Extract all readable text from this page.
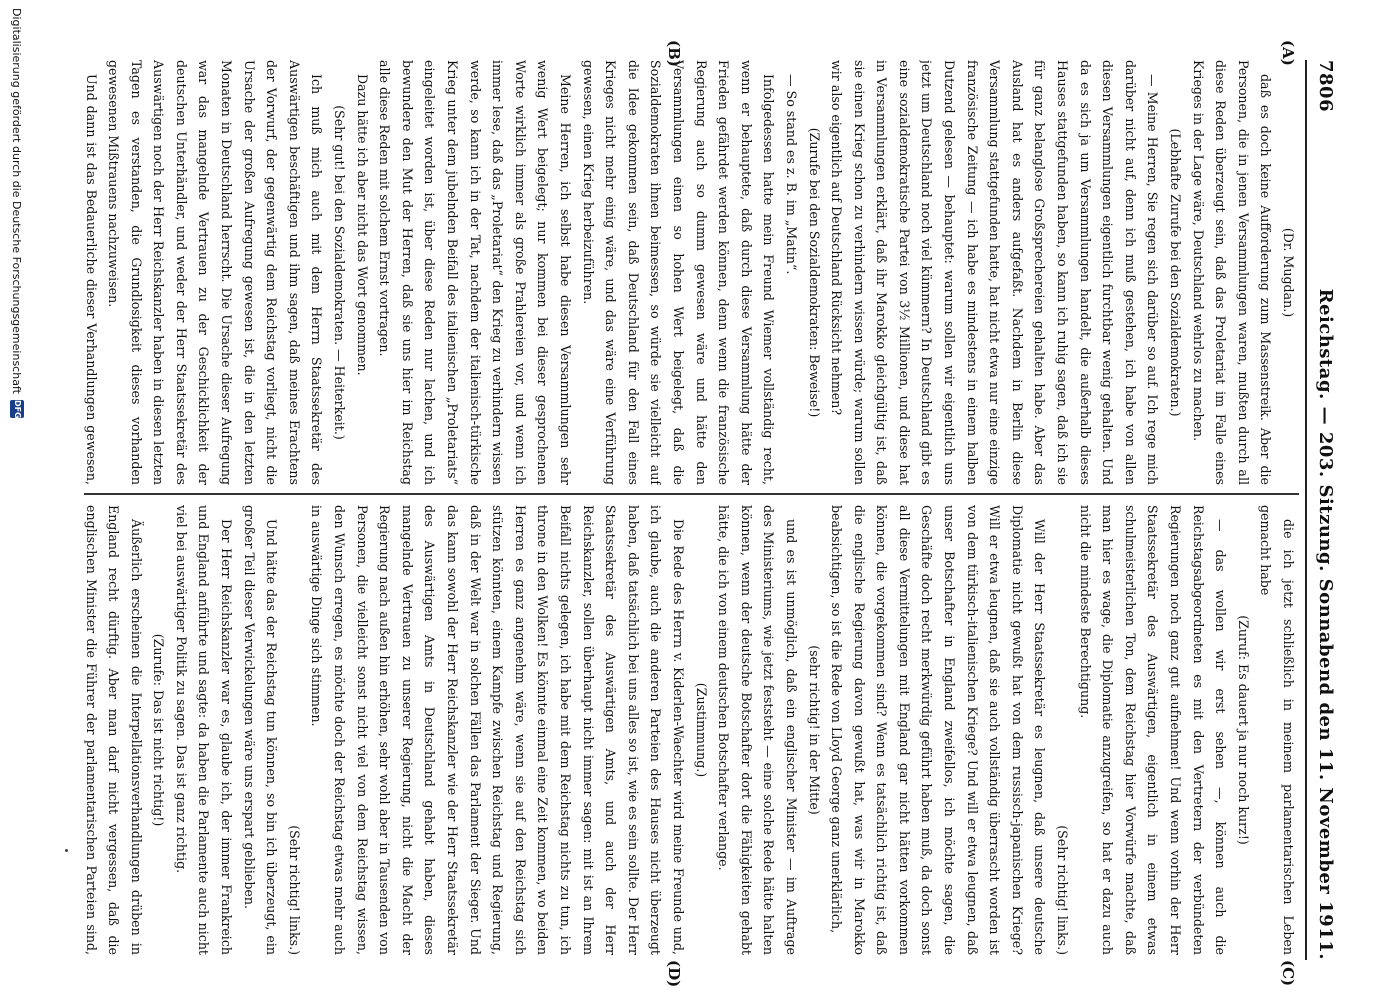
7806
Reichstag. — 203. Sitzung. Sonnabend den 11. November 1911.
(A)
(B)
(C)
(D)

(Dr. Mugdan.)

daß es doch keine Aufforderung zum Massenstreik. Aber die Personen, die in jenen Versammlungen waren, mußten durch all diese Reden überzeugt sein, daß das Proletariat im Falle eines Krieges in der Lage wäre, Deutschland wehrlos zu machen.

(Lebhafte Zurufe bei den Sozialdemokraten.)

— Meine Herren, Sie regen sich darüber so auf. Ich rege mich darüber nicht auf, denn ich muß gestehen, ich habe von allen diesen Versammlungen eigentlich furchtbar wenig gehalten. Und da es sich ja um Versammlungen handelt, die außerhalb dieses Hauses stattgefunden haben, so kann ich ruhig sagen, daß ich sie für ganz belanglose Großsprechereien gehalten habe. Aber das Ausland hat es anders aufgefaßt. Nachdem in Berlin diese Versammlung stattgefunden hatte, hat nicht etwa nur eine einzige französische Zeitung — ich habe es mindestens in einem halben Dutzend gelesen — behauptet: warum sollen wir eigentlich uns jetzt um Deutschland noch viel kümmern? In Deutschland gibt es eine sozialdemokratische Partei von 3½ Millionen, und diese hat in Versammlungen erklärt, daß ihr Marokko gleichgültig ist, daß sie einen Krieg schon zu verhindern wissen würde; warum sollen wir also eigentlich auf Deutschland Rücksicht nehmen?

(Zurufe bei den Sozialdemokraten: Beweise!)

— So stand es z. B. im „Matin“.

Infolgedessen hatte mein Freund Wiemer vollständig recht, wenn er behauptete, daß durch diese Versammlung hätte der Frieden gefährdet werden können, denn wenn die französische Regierung auch so dumm gewesen wäre und hätte den Versammlungen einen so hohen Wert beigelegt, daß die Sozialdemokraten ihnen beimessen, so würde sie vielleicht auf die Idee gekommen sein, daß Deutschland für den Fall eines Krieges nicht mehr einig wäre, und das wäre eine Verführung gewesen, einen Krieg herbeizuführen.

Meine Herren, ich selbst habe diesen Versammlungen sehr wenig Wert beigelegt; nur kommen bei dieser gesprochenen Worte wirklich immer als große Prahlereien vor, und wenn ich immer lese, daß das „Proletariat“ den Krieg zu verhindern wissen werde, so kann ich in der Tat, nachdem der italienisch-türkische Krieg unter dem jubelnden Beifall des italienischen „Proletariats“ eingeleitet worden ist, über diese Reden nur lachen, und ich bewundere den Mut der Herren, daß sie uns hier im Reichstag alle diese Reden mit solchem Ernst vortragen.

Dazu hätte ich aber nicht das Wort genommen.

(Sehr gut! bei den Sozialdemokraten. — Heiterkeit.)

Ich muß mich auch mit dem Herrn Staatssekretär des Auswärtigen beschäftigen und ihm sagen, daß meines Erachtens der Vorwurf, der gegenwärtig dem Reichstag vorliegt, nicht die Ursache der großen Aufregung gewesen ist, die in den letzten Monaten in Deutschland herrscht. Die Ursache dieser Aufregung war das mangelnde Vertrauen zu der Geschicklichkeit der deutschen Unterhändler, und weder der Herr Staatssekretär des Auswärtigen noch der Herr Reichskanzler haben in diesen letzten Tagen es verstanden, die Grundlosigkeit dieses vorhanden gewesenen Mißtrauens nachzuweisen.

Und dann ist das Bedauerliche dieser Verhandlungen gewesen,

die ich jetzt schließlich in meinem parlamentarischen Leben gemacht habe

(Zuruf: Es dauert ja nur noch kurz!)

— das wollen wir erst sehen —, können auch die Reichstagsabgeordneten es mit den Vertretern der verbündeten Regierungen noch ganz gut aufnehmen! Und wenn vorhin der Herr Staatssekretär des Auswärtigen, eigentlich in einem etwas schulmeisterlichen Ton, dem Reichstag hier Vorwürfe machte, daß man hier es wage, die Diplomatie anzugreifen, so hat er dazu auch nicht die mindeste Berechtigung.

(Sehr richtig! links.)

Will der Herr Staatssekretär es leugnen, daß unsere deutsche Diplomatie nicht gewußt hat von dem russisch-japanischen Kriege? Will er etwa leugnen, daß sie auch vollständig überrascht worden ist von dem türkisch-italienischen Kriege? Und will er etwa leugnen, daß unser Botschafter in England zweifellos, ich möchte sagen, die Geschäfte doch recht merkwürdig geführt haben muß, da doch sonst all diese Vermittelungen mit England gar nicht hätten vorkommen können, die vorgekommen sind? Wenn es tatsächlich richtig ist, daß die englische Regierung davon gewußt hat, was wir in Marokko beabsichtigen, so ist die Rede von Lloyd George ganz unerklärlich,

(sehr richtig! in der Mitte)

und es ist unmöglich, daß ein englischer Minister — im Auftrage des Ministeriums, wie jetzt feststeht — eine solche Rede hätte halten können, wenn der deutsche Botschafter dort die Fähigkeiten gehabt hätte, die ich von einem deutschen Botschafter verlange.

(Zustimmung.)

Die Rede des Herrn v. Kiderlen-Waechter wird meine Freunde und, ich glaube, auch die anderen Parteien des Hauses nicht überzeugt haben, daß tatsächlich bei uns alles so ist, wie es sein sollte. Der Herr Staatssekretär des Auswärtigen Amts, und auch der Herr Reichskanzler, sollen überhaupt nicht immer sagen: mit ist an Ihrem Beifall nichts gelegen, ich habe mit dem Reichstag nichts zu tun, ich throne in den Wolken! Es könnte einmal eine Zeit kommen, wo beiden Herren es ganz angenehm wäre, wenn sie auf den Reichstag sich stützen könnten, einem Kampfe zwischen Reichstag und Regierung, daß in der Welt war in solchen Fällen das Parlament der Sieger. Und das kann sowohl der Herr Reichskanzler wie der Herr Staatssekretär des Auswärtigen Amts in Deutschland gehabt haben, dieses mangelnde Vertrauen zu unserer Regierung, nicht die Macht der Regierung nach außen hin erhöhen, sehr wohl aber in Tausenden von Personen, die vielleicht sonst nicht viel von dem Reichstag wissen, den Wunsch erregen, es möchte doch der Reichstag etwas mehr auch in auswärtige Dinge sich stimmen.

(Sehr richtig! links.)

Und hätte das der Reichstag tun können, so bin ich überzeugt, ein großer Teil dieser Verwickelungen wäre uns erspart geblieben.

Der Herr Reichskanzler war es, glaube ich, der immer Frankreich und England anführte und sagte: da haben die Parlamente auch nicht viel bei auswärtiger Politik zu sagen. Das ist ganz richtig.

(Zurufe: Das ist nicht richtig!)

Äußerlich erscheinen die Interpellationsverhandlungen drüben in England recht dürftig. Aber man darf nicht vergessen, daß die englischen Minister die Führer der parlamentarischen Parteien sind,

Digitalisierung gefördert durch die Deutsche Forschungsgemeinschaft
DFG
